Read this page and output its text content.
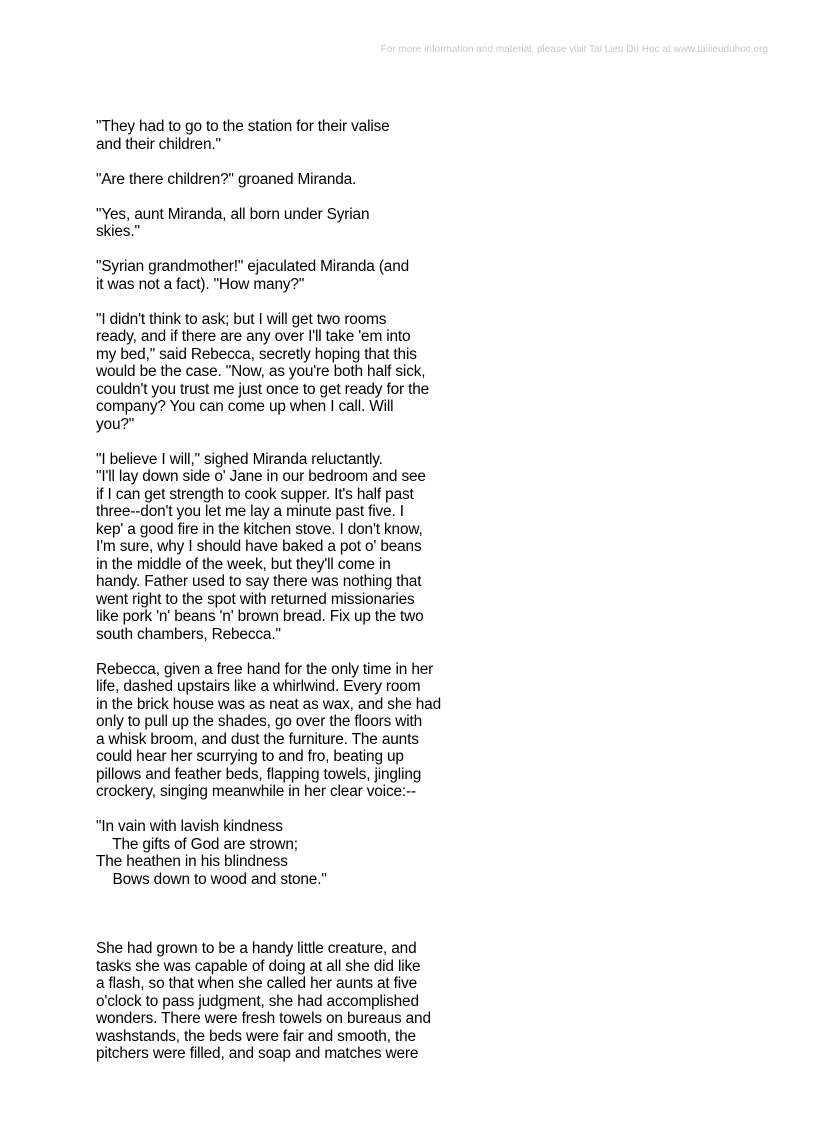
For more information and material, please visit Tai Lieu Du Hoc at www.tailieuduhoc.org

"They had to go to the station for their valise
and their children."

"Are there children?" groaned Miranda.

"Yes, aunt Miranda, all born under Syrian
skies."

"Syrian grandmother!" ejaculated Miranda (and
it was not a fact). "How many?"

"I didn't think to ask; but I will get two rooms
ready, and if there are any over I'll take 'em into
my bed," said Rebecca, secretly hoping that this
would be the case. "Now, as you're both half sick,
couldn't you trust me just once to get ready for the
company? You can come up when I call. Will
you?"

"I believe I will," sighed Miranda reluctantly.
"I'll lay down side o' Jane in our bedroom and see
if I can get strength to cook supper. It's half past
three--don't you let me lay a minute past five. I
kep' a good fire in the kitchen stove. I don't know,
I'm sure, why I should have baked a pot o' beans
in the middle of the week, but they'll come in
handy. Father used to say there was nothing that
went right to the spot with returned missionaries
like pork 'n' beans 'n' brown bread. Fix up the two
south chambers, Rebecca."

Rebecca, given a free hand for the only time in her
life, dashed upstairs like a whirlwind. Every room
in the brick house was as neat as wax, and she had
only to pull up the shades, go over the floors with
a whisk broom, and dust the furniture. The aunts
could hear her scurrying to and fro, beating up
pillows and feather beds, flapping towels, jingling
crockery, singing meanwhile in her clear voice:--

"In vain with lavish kindness
The gifts of God are strown;
The heathen in his blindness
Bows down to wood and stone."

She had grown to be a handy little creature, and
tasks she was capable of doing at all she did like
a flash, so that when she called her aunts at five
o'clock to pass judgment, she had accomplished
wonders. There were fresh towels on bureaus and
washstands, the beds were fair and smooth, the
pitchers were filled, and soap and matches were
